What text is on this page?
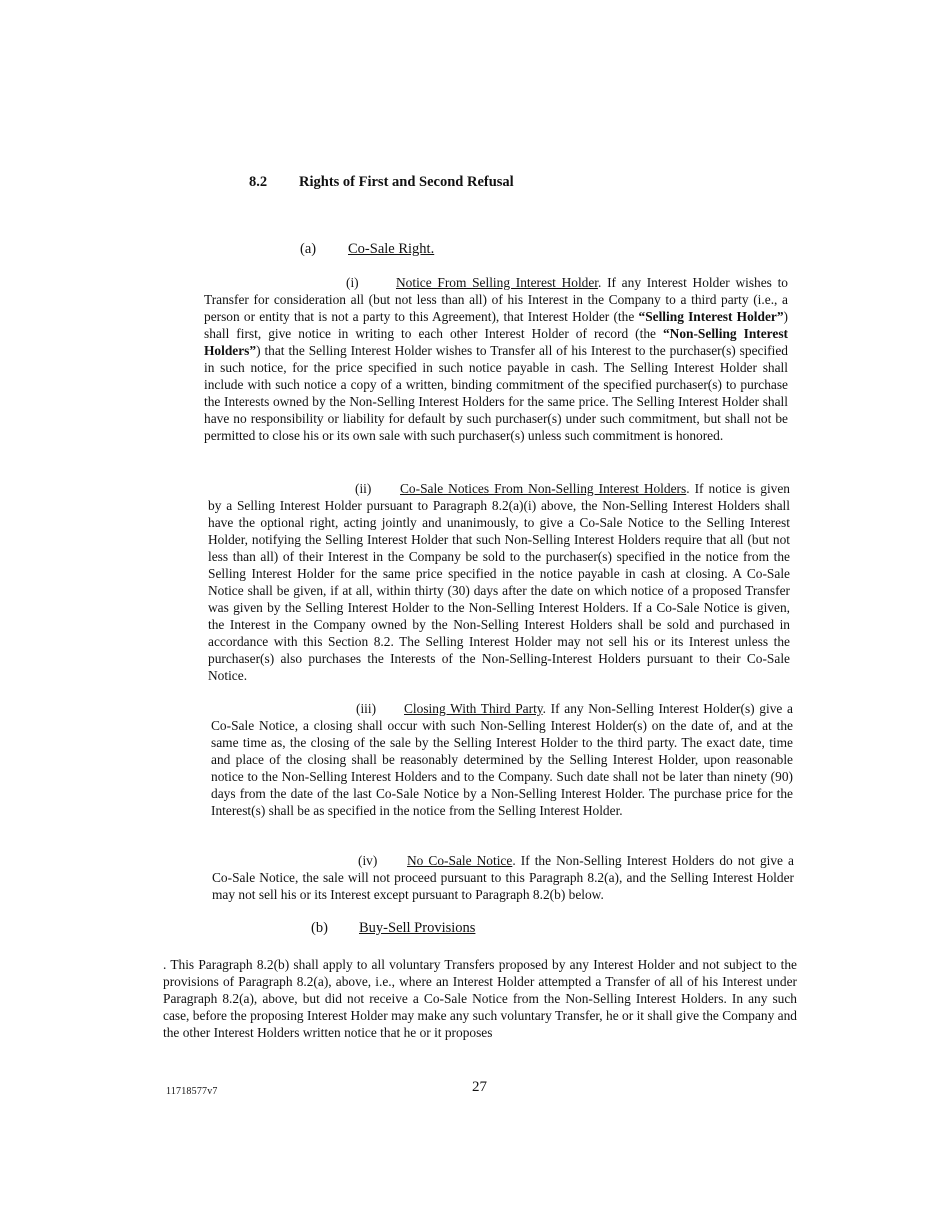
8.2 Rights of First and Second Refusal
(a) Co-Sale Right.
(i)	Notice From Selling Interest Holder. If any Interest Holder wishes to Transfer for consideration all (but not less than all) of his Interest in the Company to a third party (i.e., a person or entity that is not a party to this Agreement), that Interest Holder (the “Selling Interest Holder”) shall first, give notice in writing to each other Interest Holder of record (the “Non-Selling Interest Holders”) that the Selling Interest Holder wishes to Transfer all of his Interest to the purchaser(s) specified in such notice, for the price specified in such notice payable in cash. The Selling Interest Holder shall include with such notice a copy of a written, binding commitment of the specified purchaser(s) to purchase the Interests owned by the Non-Selling Interest Holders for the same price. The Selling Interest Holder shall have no responsibility or liability for default by such purchaser(s) under such commitment, but shall not be permitted to close his or its own sale with such purchaser(s) unless such commitment is honored.
(ii) Co-Sale Notices From Non-Selling Interest Holders. If notice is given by a Selling Interest Holder pursuant to Paragraph 8.2(a)(i) above, the Non-Selling Interest Holders shall have the optional right, acting jointly and unanimously, to give a Co-Sale Notice to the Selling Interest Holder, notifying the Selling Interest Holder that such Non-Selling Interest Holders require that all (but not less than all) of their Interest in the Company be sold to the purchaser(s) specified in the notice from the Selling Interest Holder for the same price specified in the notice payable in cash at closing. A Co-Sale Notice shall be given, if at all, within thirty (30) days after the date on which notice of a proposed Transfer was given by the Selling Interest Holder to the Non-Selling Interest Holders. If a Co-Sale Notice is given, the Interest in the Company owned by the Non-Selling Interest Holders shall be sold and purchased in accordance with this Section 8.2. The Selling Interest Holder may not sell his or its Interest unless the purchaser(s) also purchases the Interests of the Non-Selling-Interest Holders pursuant to their Co-Sale Notice.
(iii) Closing With Third Party. If any Non-Selling Interest Holder(s) give a Co-Sale Notice, a closing shall occur with such Non-Selling Interest Holder(s) on the date of, and at the same time as, the closing of the sale by the Selling Interest Holder to the third party. The exact date, time and place of the closing shall be reasonably determined by the Selling Interest Holder, upon reasonable notice to the Non-Selling Interest Holders and to the Company. Such date shall not be later than ninety (90) days from the date of the last Co-Sale Notice by a Non-Selling Interest Holder. The purchase price for the Interest(s) shall be as specified in the notice from the Selling Interest Holder.
(iv) No Co-Sale Notice. If the Non-Selling Interest Holders do not give a Co-Sale Notice, the sale will not proceed pursuant to this Paragraph 8.2(a), and the Selling Interest Holder may not sell his or its Interest except pursuant to Paragraph 8.2(b) below.
(b) Buy-Sell Provisions
. This Paragraph 8.2(b) shall apply to all voluntary Transfers proposed by any Interest Holder and not subject to the provisions of Paragraph 8.2(a), above, i.e., where an Interest Holder attempted a Transfer of all of his Interest under Paragraph 8.2(a), above, but did not receive a Co-Sale Notice from the Non-Selling Interest Holders. In any such case, before the proposing Interest Holder may make any such voluntary Transfer, he or it shall give the Company and the other Interest Holders written notice that he or it proposes
11718577v7	27
